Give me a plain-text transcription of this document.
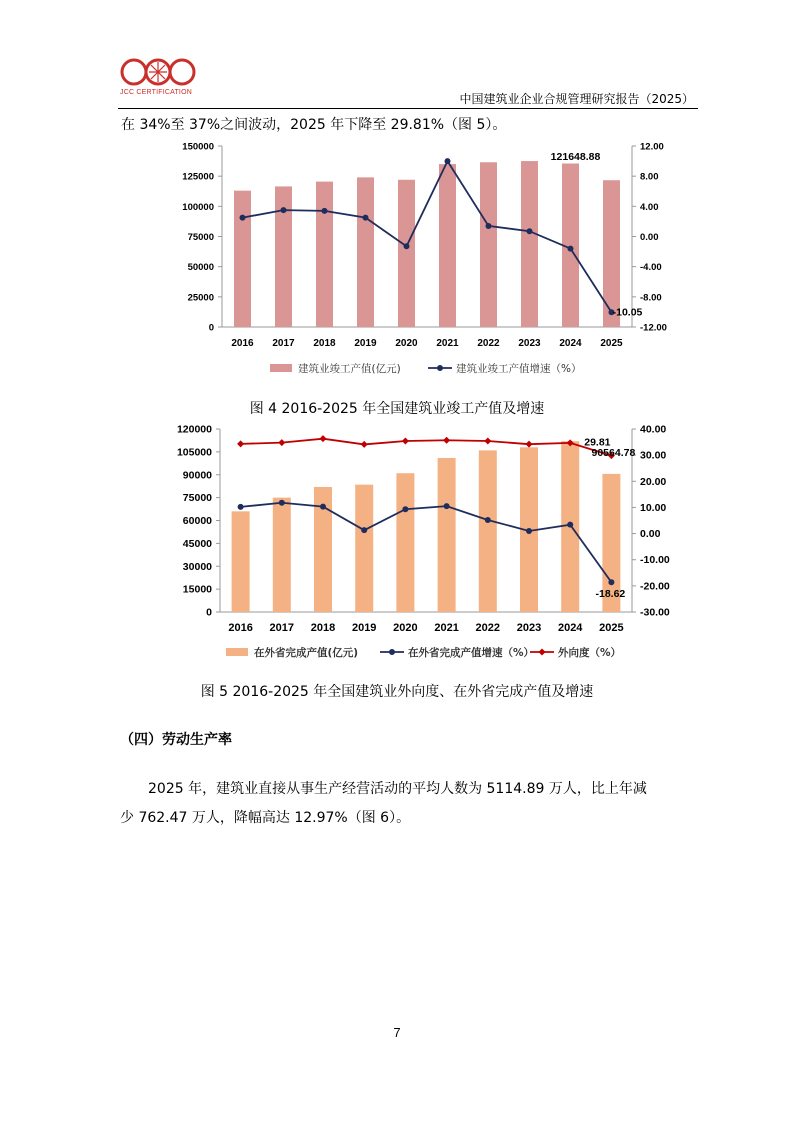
JCC CERTIFICATION	中国建筑业企业合规管理研究报告（2025）
在 34%至 37%之间波动，2025 年下降至 29.81%（图 5）。
0
25000
50000
75000
100000
125000
150000
-12.00
-8.00
-4.00
0.00
4.00
8.00
12.00
2016 2017 2018 2019 2020 2021 2022 2023 2024 2025
121648.88
-10.05
建筑业竣工产值(亿元)	建筑业竣工产值增速（%）
图 4 2016-2025 年全国建筑业竣工产值及增速
0
15000
30000
45000
60000
75000
90000
105000
120000
-30.00
-20.00
-10.00
0.00
10.00
20.00
30.00
40.00
2016 2017 2018 2019 2020 2021 2022 2023 2024 2025
29.81
90564.78
-18.62
在外省完成产值(亿元)	在外省完成产值增速（%） 外向度（%）
图 5 2016-2025 年全国建筑业外向度、在外省完成产值及增速
（四）劳动生产率
2025 年，建筑业直接从事生产经营活动的平均人数为 5114.89 万人，比上年减
少 762.47 万人，降幅高达 12.97%（图 6）。
7
